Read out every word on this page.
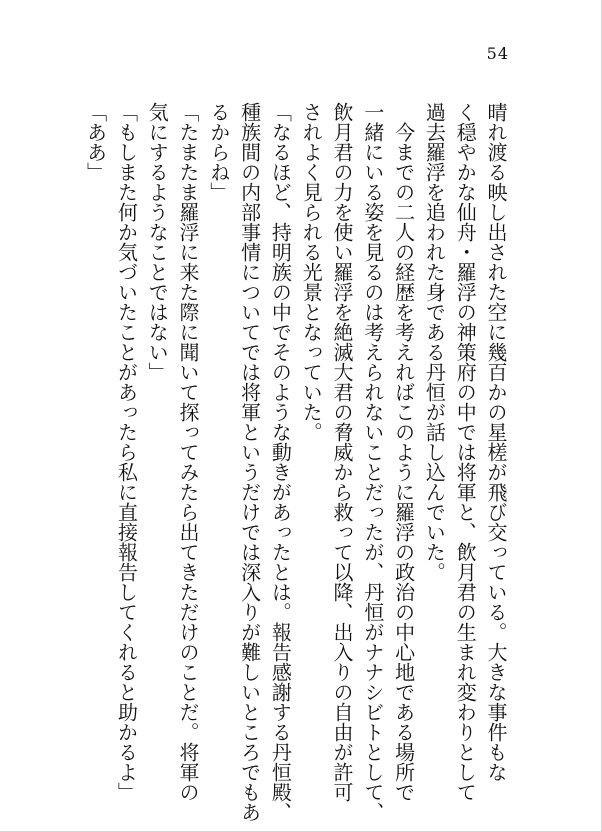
54

晴れ渡る映し出された空に幾百かの星槎が飛び交っている。大きな事件もな

く穏やかな仙舟・羅浮の神策府の中では将軍と、飲月君の生まれ変わりとして

過去羅浮を追われた身である丹恒が話し込んでいた。

　今までの二人の経歴を考えればこのように羅浮の政治の中心地である場所で

一緒にいる姿を見るのは考えられないことだったが、丹恒がナナシビトとして、

飲月君の力を使い羅浮を絶滅大君の脅威から救って以降、出入りの自由が許可

されよく見られる光景となっていた。

「なるほど、持明族の中でそのような動きがあったとは。報告感謝する丹恒殿、

種族間の内部事情についてでは将軍というだけでは深入りが難しいところでもあ

るからね」

「たまたま羅浮に来た際に聞いて探ってみたら出てきただけのことだ。将軍の

気にするようなことではない」

「もしまた何か気づいたことがあったら私に直接報告してくれると助かるよ」

「ああ」
